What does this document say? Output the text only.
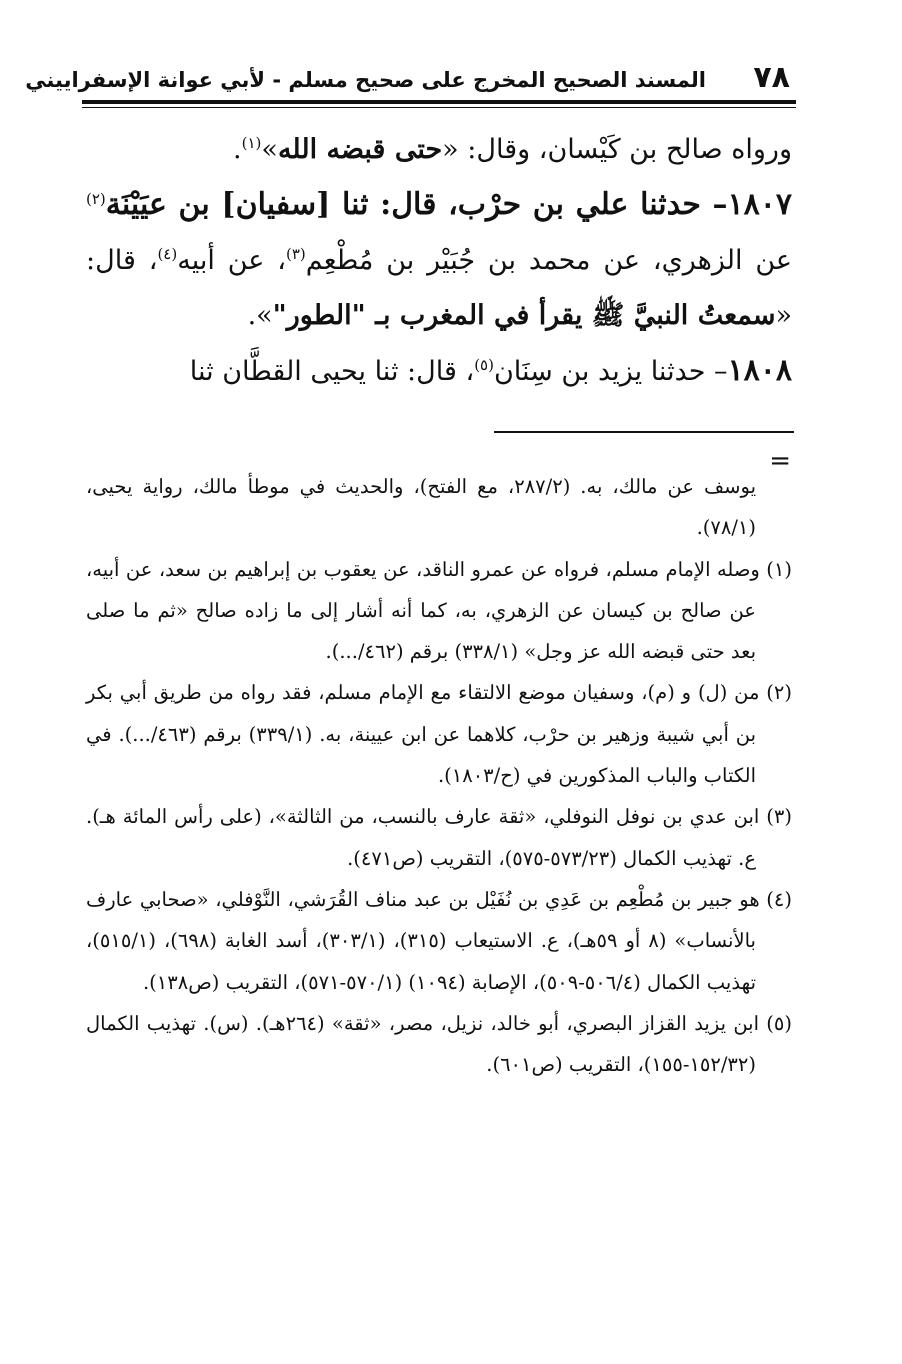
٧٨
المسند الصحيح المخرج على صحيح مسلم - لأبي عوانة الإسفراييني

ورواه صالح بن كَيْسان، وقال: «حتى قبضه الله»$^{(١)}$.

١٨٠٧– حدثنا علي بن حرْب، قال: ثنا [سفيان] بن عيَيْنَة$^{(٢)}$ عن الزهري، عن محمد بن جُبَيْر بن مُطْعِم$^{(٣)}$، عن أبيه$^{(٤)}$، قال: «سمعتُ النبيَّ ﷺ يقرأ في المغرب بـ "الطور"».

١٨٠٨– حدثنا يزيد بن سِنَان$^{(٥)}$، قال: ثنا يحيى القطَّان ثنا

=

يوسف عن مالك، به. (٢٨٧/٢، مع الفتح)، والحديث في موطأ مالك، رواية يحيى، (٧٨/١).

(١) وصله الإمام مسلم، فرواه عن عمرو الناقد، عن يعقوب بن إبراهيم بن سعد، عن أبيه، عن صالح بن كيسان عن الزهري، به، كما أنه أشار إلى ما زاده صالح «ثم ما صلى بعد حتى قبضه الله عز وجل» (٣٣٨/١) برقم (٤٦٢/...).

(٢) من (ل) و (م)، وسفيان موضع الالتقاء مع الإمام مسلم، فقد رواه من طريق أبي بكر بن أبي شيبة وزهير بن حرْب، كلاهما عن ابن عيينة، به. (٣٣٩/١) برقم (٤٦٣/...). في الكتاب والباب المذكورين في (ح/١٨٠٣).

(٣) ابن عدي بن نوفل النوفلي، «ثقة عارف بالنسب، من الثالثة»، (على رأس المائة هـ). ع. تهذيب الكمال (٥٧٣/٢٣-٥٧٥)، التقريب (ص٤٧١).

(٤) هو جبير بن مُطْعِم بن عَدِي بن نُفَيْل بن عبد مناف القُرَشي، النَّوْفلي، «صحابي عارف بالأنساب» (٨ أو ٥٩هـ)، ع. الاستيعاب (٣١٥)، (٣٠٣/١)، أسد الغابة (٦٩٨)، (٥١٥/١)، تهذيب الكمال (٥٠٦/٤-٥٠٩)، الإصابة (١٠٩٤) (٥٧٠/١-٥٧١)، التقريب (ص١٣٨).

(٥) ابن يزيد القزاز البصري، أبو خالد، نزيل، مصر، «ثقة» (٢٦٤هـ). (س). تهذيب الكمال (١٥٢/٣٢-١٥٥)، التقريب (ص٦٠١).
